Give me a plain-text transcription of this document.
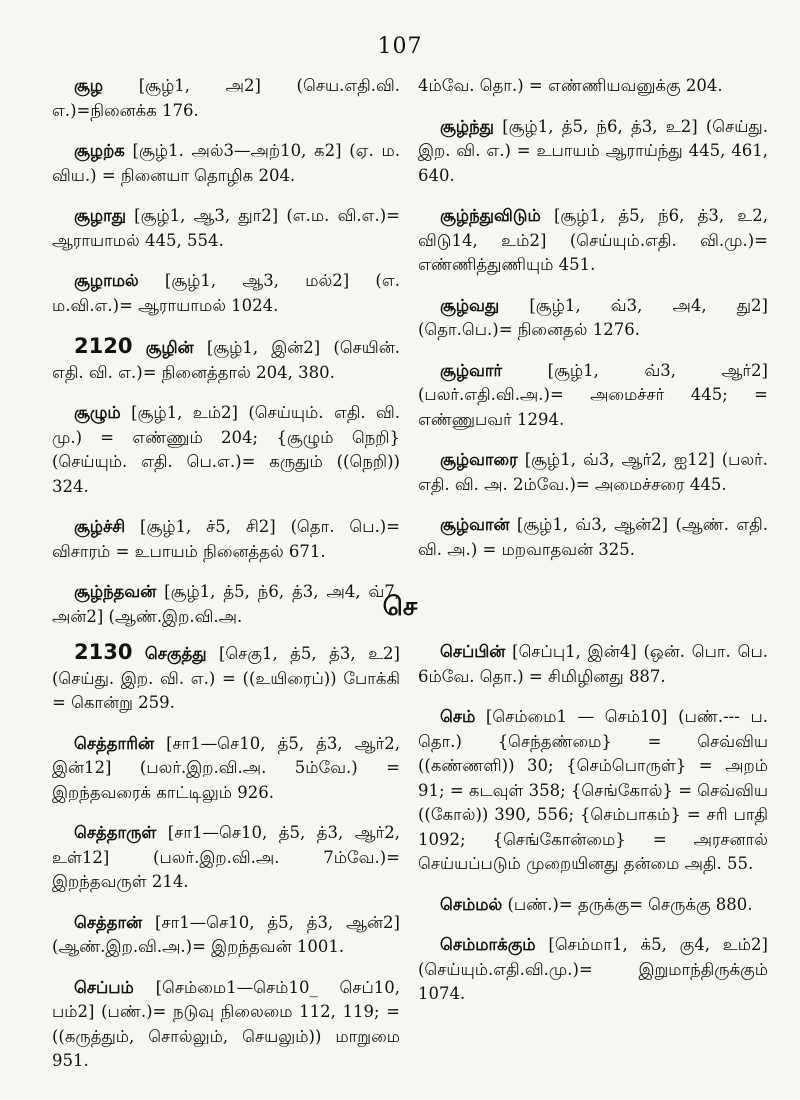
107

சூழ [சூழ்1, அ2] (செய.எதி.வி. எ.)=நினைக்க 176.

சூழற்க [சூழ்1. அல்3—அற்10, க2] (ஏ. ம. விய.) = நினையா தொழிக 204.

சூழாது [சூழ்1, ஆ3, துா2] (எ.ம. வி.எ.)= ஆராயாமல் 445, 554.

சூழாமல் [சூழ்1, ஆ3, மல்2] (எ. ம.வி.எ.)= ஆராயாமல் 1024.

2120 சூழின் [சூழ்1, இன்2] (செயின். எதி. வி. எ.)= நினைத்தால் 204, 380.

சூழும் [சூழ்1, உம்2] (செய்யும். எதி. வி. மு.) = எண்ணும் 204; {சூழும் நெறி} (செய்யும். எதி. பெ.எ.)= கருதும் ((நெறி)) 324.

சூழ்ச்சி [சூழ்1, ச்5, சி2] (தொ. பெ.)= விசாரம் = உபாயம் நினைத்தல் 671.

சூழ்ந்தவன் [சூழ்1, த்5, ந்6, த்3, அ4, வ்7, அன்2] (ஆண்.இற.வி.அ.

4ம்வே. தொ.) = எண்ணியவனுக்கு 204.

சூழ்ந்து [சூழ்1, த்5, ந்6, த்3, உ2] (செய்து. இற. வி. எ.) = உபாயம் ஆராய்ந்து 445, 461, 640.

சூழ்ந்துவிடும் [சூழ்1, த்5, ந்6, த்3, உ2, விடு14, உம்2] (செய்யும்.எதி. வி.மு.)= எண்ணித்துணியும் 451.

சூழ்வது [சூழ்1, வ்3, அ4, து2] (தொ.பெ.)= நினைதல் 1276.

சூழ்வார் [சூழ்1, வ்3, ஆர்2] (பலர்.எதி.வி.அ.)= அமைச்சர் 445; = எண்ணுபவர் 1294.

சூழ்வாரை [சூழ்1, வ்3, ஆர்2, ஐ12] (பலர். எதி. வி. அ. 2ம்வே.)= அமைச்சரை 445.

சூழ்வான் [சூழ்1, வ்3, ஆன்2] (ஆண். எதி. வி. அ.) = மறவாதவன் 325.

செ

2130 செகுத்து [செகு1, த்5, த்3, உ2] (செய்து. இற. வி. எ.) = ((உயிரைப்)) போக்கி = கொன்று 259.

செத்தாரின் [சா1—செ10, த்5, த்3, ஆர்2, இன்12] (பலர்.இற.வி.அ. 5ம்வே.) = இறந்தவரைக் காட்டிலும் 926.

செத்தாருள் [சா1—செ10, த்5, த்3, ஆர்2, உள்12] (பலர்.இற.வி.அ. 7ம்வே.)= இறந்தவருள் 214.

செத்தான் [சா1—செ10, த்5, த்3, ஆன்2] (ஆண்.இற.வி.அ.)= இறந்தவன் 1001.

செப்பம் [செம்மை1—செம்10_ செப்10, பம்2] (பண்.)= நடுவு நிலைமை 112, 119; = ((கருத்தும், சொல்லும், செயலும்)) மாறுமை 951.

செப்பின் [செப்பு1, இன்4] (ஒன். பொ. பெ. 6ம்வே. தொ.) = சிமிழினது 887.

செம் [செம்மை1 — செம்10] (பண்.--- ப. தொ.) {செந்தண்மை} = செவ்விய ((கண்ணளி)) 30; {செம்பொருள்} = அறம் 91; = கடவுள் 358; {செங்கோல்} = செவ்விய ((கோல்)) 390, 556; {செம்பாகம்} = சரி பாதி 1092; {செங்கோன்மை} = அரசனால் செய்யப்படும் முறையினது தன்மை அதி. 55.

செம்மல் (பண்.)= தருக்கு= செருக்கு 880.

செம்மாக்கும் [செம்மா1, க்5, கு4, உம்2] (செய்யும்.எதி.வி.மு.)= இறுமாந்திருக்கும் 1074.
